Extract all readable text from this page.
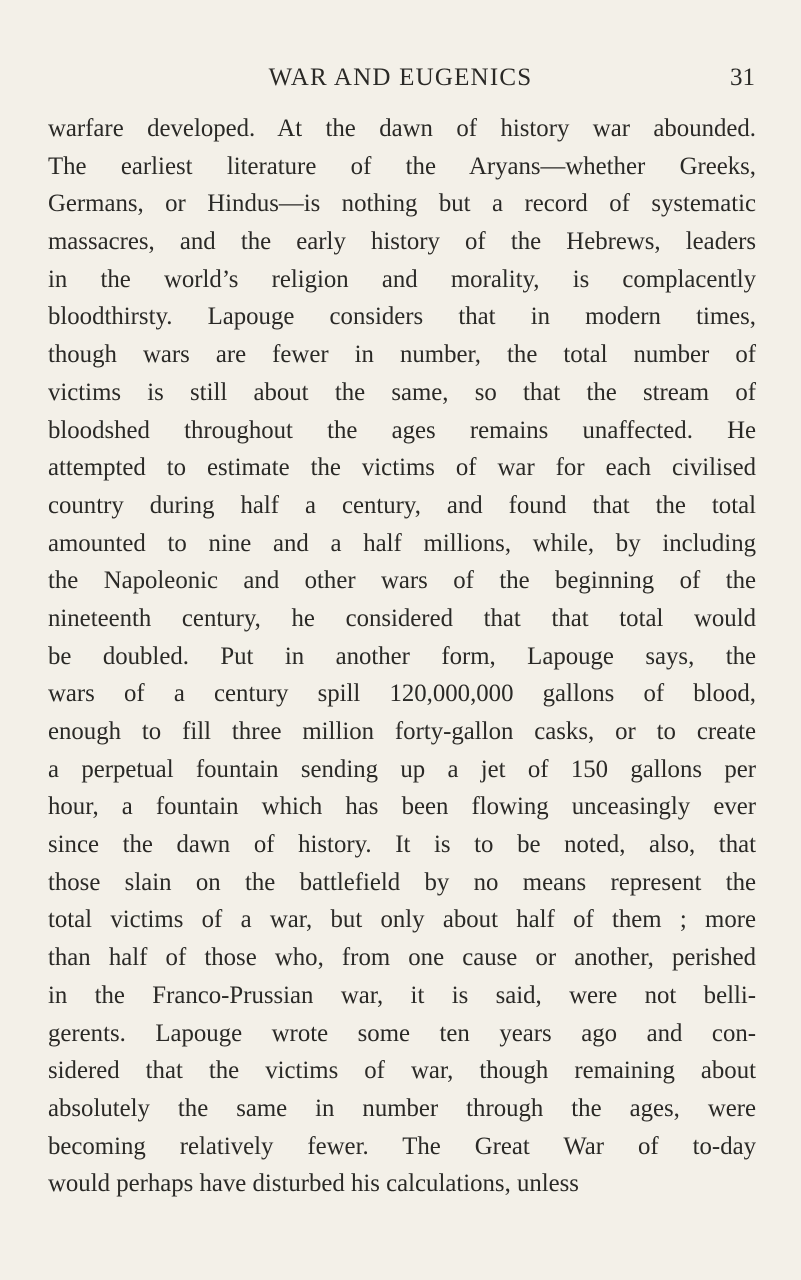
WAR AND EUGENICS	31
warfare developed. At the dawn of history war abounded.
The earliest literature of the Aryans—whether Greeks,
Germans, or Hindus—is nothing but a record of systematic
massacres, and the early history of the Hebrews, leaders
in the world’s religion and morality, is complacently
bloodthirsty. Lapouge considers that in modern times,
though wars are fewer in number, the total number of
victims is still about the same, so that the stream of
bloodshed throughout the ages remains unaffected. He
attempted to estimate the victims of war for each civilised
country during half a century, and found that the total
amounted to nine and a half millions, while, by including
the Napoleonic and other wars of the beginning of the
nineteenth century, he considered that that total would
be doubled. Put in another form, Lapouge says, the
wars of a century spill 120,000,000 gallons of blood,
enough to fill three million forty-gallon casks, or to create
a perpetual fountain sending up a jet of 150 gallons per
hour, a fountain which has been flowing unceasingly ever
since the dawn of history. It is to be noted, also, that
those slain on the battlefield by no means represent the
total victims of a war, but only about half of them ; more
than half of those who, from one cause or another, perished
in the Franco-Prussian war, it is said, were not belli-
gerents. Lapouge wrote some ten years ago and con-
sidered that the victims of war, though remaining about
absolutely the same in number through the ages, were
becoming relatively fewer. The Great War of to-day
would perhaps have disturbed his calculations, unless
